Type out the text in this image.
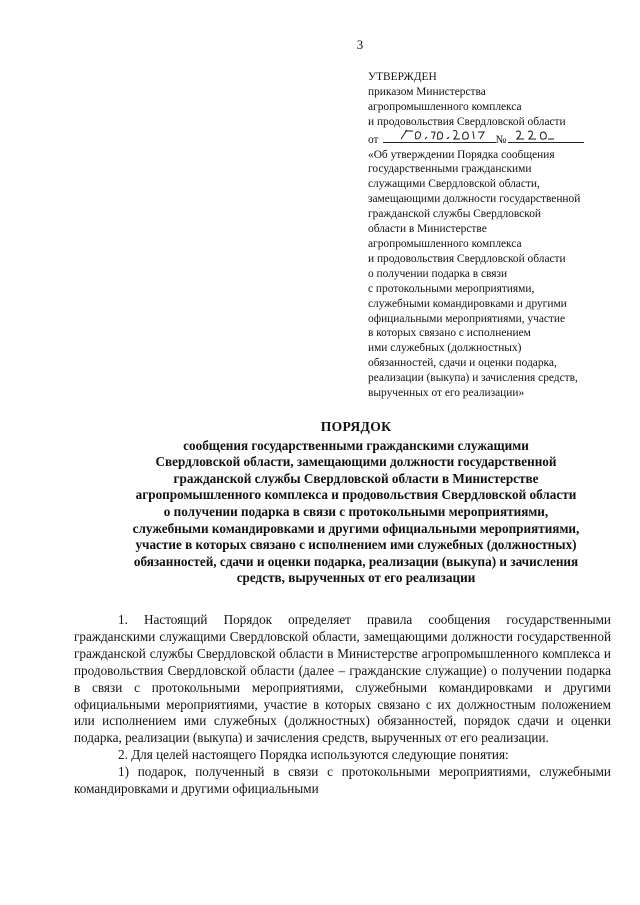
3
УТВЕРЖДЕН
приказом Министерства
агропромышленного комплекса
и продовольствия Свердловской области
от	№
«Об утверждении Порядка сообщения
государственными гражданскими
служащими Свердловской области,
замещающими должности государственной
гражданской службы Свердловской
области в Министерстве
агропромышленного комплекса
и продовольствия Свердловской области
о получении подарка в связи
с протокольными мероприятиями,
служебными командировками и другими
официальными мероприятиями, участие
в которых связано с исполнением
ими служебных (должностных)
обязанностей, сдачи и оценки подарка,
реализации (выкупа) и зачисления средств,
вырученных от его реализации»
ПОРЯДОК
сообщения государственными гражданскими служащими
Свердловской области, замещающими должности государственной
гражданской службы Свердловской области в Министерстве
агропромышленного комплекса и продовольствия Свердловской области
о получении подарка в связи с протокольными мероприятиями,
служебными командировками и другими официальными мероприятиями,
участие в которых связано с исполнением ими служебных (должностных)
обязанностей, сдачи и оценки подарка, реализации (выкупа) и зачисления
средств, вырученных от его реализации

1. Настоящий Порядок определяет правила сообщения государственными гражданскими служащими Свердловской области, замещающими должности государственной гражданской службы Свердловской области в Министерстве агропромышленного комплекса и продовольствия Свердловской области (далее – гражданские служащие) о получении подарка в связи с протокольными мероприятиями, служебными командировками и другими официальными мероприятиями, участие в которых связано с их должностным положением или исполнением ими служебных (должностных) обязанностей, порядок сдачи и оценки подарка, реализации (выкупа) и зачисления средств, вырученных от его реализации.

2. Для целей настоящего Порядка используются следующие понятия:

1) подарок, полученный в связи с протокольными мероприятиями, служебными командировками и другими официальными
